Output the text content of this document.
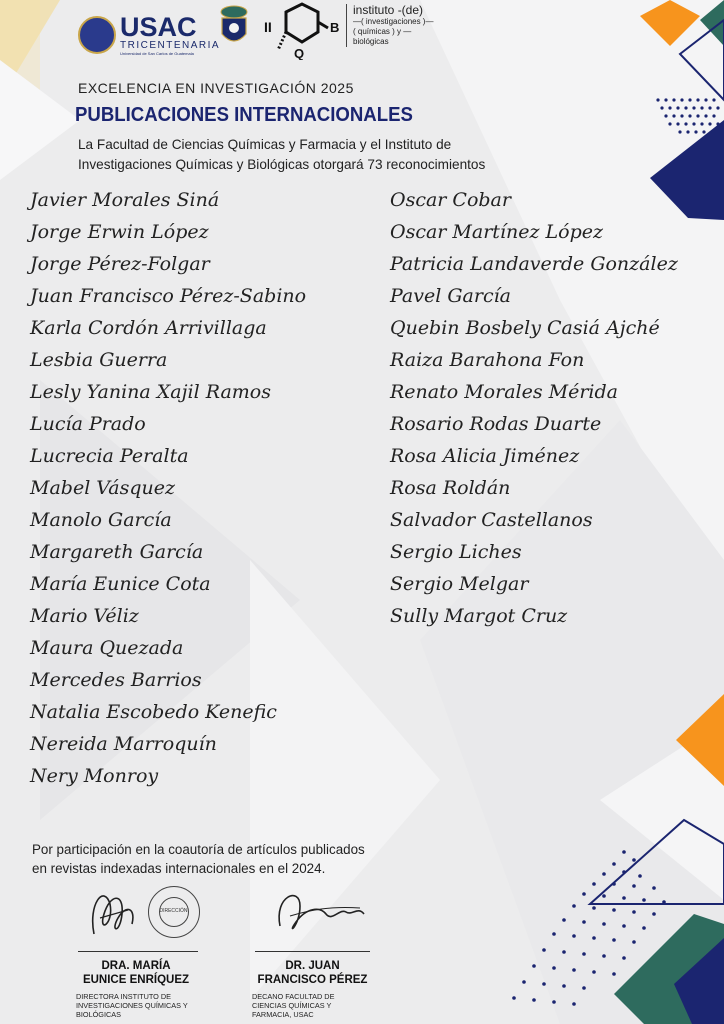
USAC
TRICENTENARIA
Universidad de San Carlos de Guatemala
II	B
Q
instituto -(de)
—( investigaciones )—
( químicas ) y —
biológicas
EXCELENCIA EN INVESTIGACIÓN 2025
PUBLICACIONES INTERNACIONALES
La Facultad de Ciencias Químicas y Farmacia y el Instituto de Investigaciones Químicas y Biológicas otorgará 73 reconocimientos
Javier Morales Siná
Jorge Erwin López
Jorge Pérez-Folgar
Juan Francisco Pérez-Sabino
Karla Cordón Arrivillaga
Lesbia Guerra
Lesly Yanina Xajil Ramos
Lucía Prado
Lucrecia Peralta
Mabel Vásquez
Manolo García
Margareth García
María Eunice Cota
Mario Véliz
Maura Quezada
Mercedes Barrios
Natalia Escobedo Kenefic
Nereida Marroquín
Nery Monroy
Oscar Cobar
Oscar Martínez López
Patricia Landaverde González
Pavel García
Quebin Bosbely Casiá Ajché
Raiza Barahona Fon
Renato Morales Mérida
Rosario Rodas Duarte
Rosa Alicia Jiménez
Rosa Roldán
Salvador Castellanos
Sergio Liches
Sergio Melgar
Sully Margot Cruz
Por participación en la coautoría de artículos publicados
en revistas indexadas internacionales en el 2024.
DIRECCIÓN
DRA. MARÍA
EUNICE ENRÍQUEZ
DIRECTORA INSTITUTO DE
INVESTIGACIONES QUÍMICAS Y
BIOLÓGICAS
DR. JUAN
FRANCISCO PÉREZ
DECANO FACULTAD DE
CIENCIAS QUÍMICAS Y
FARMACIA, USAC
